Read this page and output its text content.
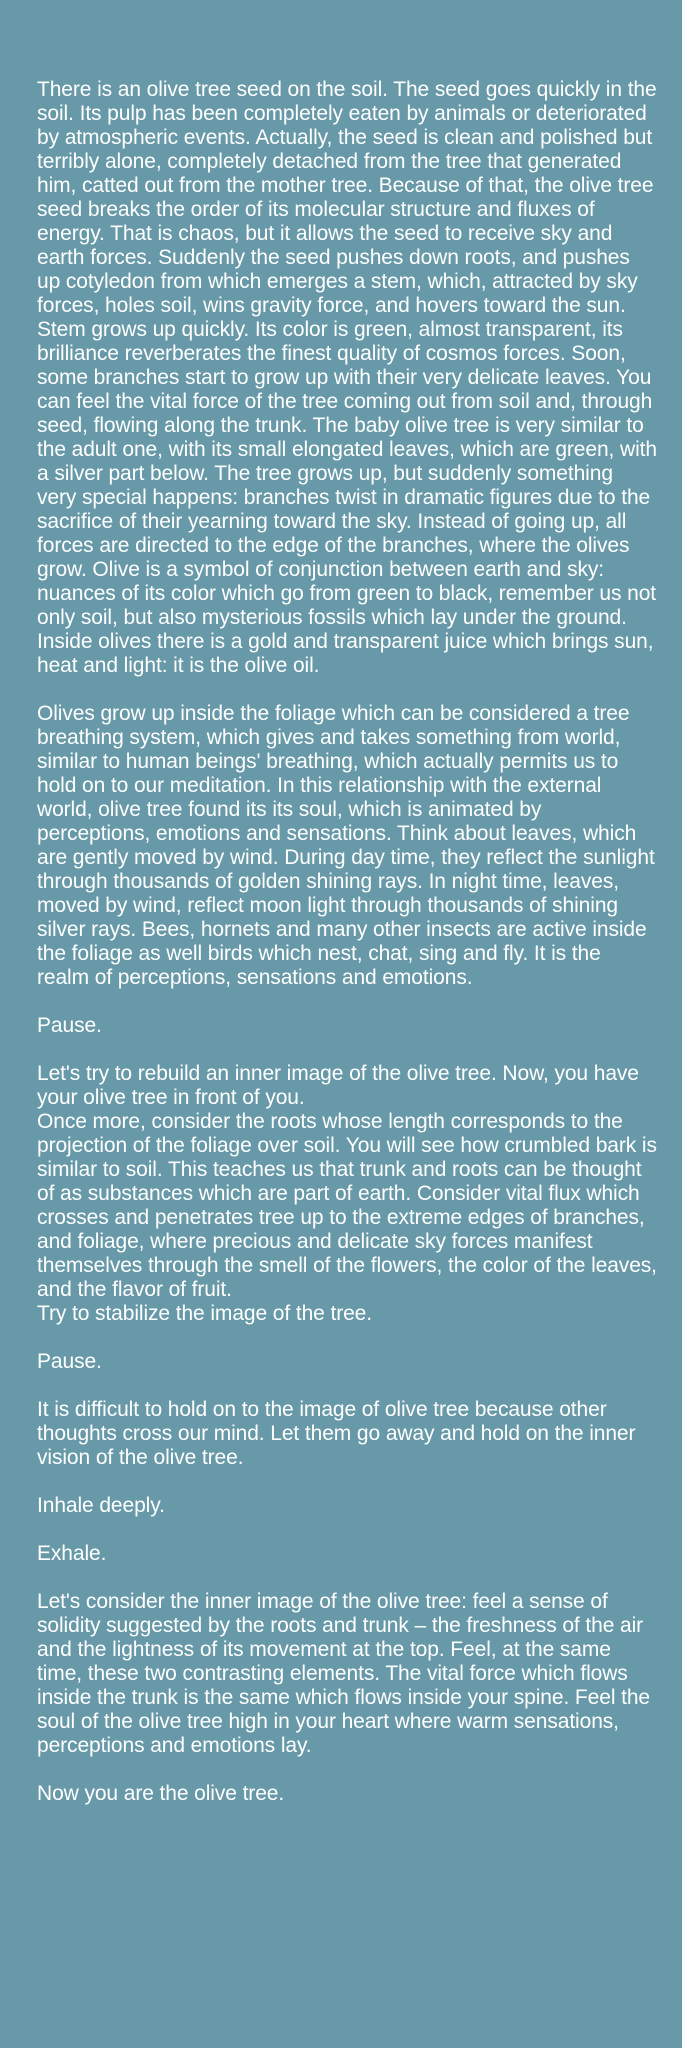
There is an olive tree seed on the soil. The seed goes quickly in the soil. Its pulp has been completely eaten by animals or deteriorated by atmospheric events. Actually, the seed is clean and polished but terribly alone, completely detached from the tree that generated him, catted out from the mother tree. Because of that, the olive tree seed breaks the order of its molecular structure and fluxes of energy. That is chaos, but it allows the seed to receive sky and earth forces. Suddenly the seed pushes down roots, and pushes up cotyledon from which emerges a stem, which, attracted by sky forces, holes soil, wins gravity force, and hovers toward the sun. Stem grows up quickly. Its color is green, almost transparent, its brilliance reverberates the finest quality of cosmos forces. Soon, some branches start to grow up with their very delicate leaves. You can feel the vital force of the tree coming out from soil and, through seed, flowing along the trunk. The baby olive tree is very similar to the adult one, with its small elongated leaves, which are green, with a silver part below. The tree grows up, but suddenly something very special happens: branches twist in dramatic figures due to the sacrifice of their yearning toward the sky. Instead of going up, all forces are directed to the edge of the branches, where the olives grow. Olive is a symbol of conjunction between earth and sky: nuances of its color which go from green to black, remember us not only soil, but also mysterious fossils which lay under the ground. Inside olives there is a gold and transparent juice which brings sun, heat and light: it is the olive oil.

Olives grow up inside the foliage which can be considered a tree breathing system, which gives and takes something from world, similar to human beings' breathing, which actually permits us to hold on to our meditation. In this relationship with the external world, olive tree found its its soul, which is animated by perceptions, emotions and sensations. Think about leaves, which are gently moved by wind. During day time, they reflect the sunlight through thousands of golden shining rays. In night time, leaves, moved by wind, reflect moon light through thousands of shining silver rays. Bees, hornets and many other insects are active inside the foliage as well birds which nest, chat, sing and fly. It is the realm of perceptions, sensations and emotions.

Pause.

Let's try to rebuild an inner image of the olive tree. Now, you have your olive tree in front of you.
Once more, consider the roots whose length corresponds to the projection of the foliage over soil. You will see how crumbled bark is similar to soil. This teaches us that trunk and roots can be thought of as substances which are part of earth. Consider vital flux which crosses and penetrates tree up to the extreme edges of branches, and foliage, where precious and delicate sky forces manifest themselves through the smell of the flowers, the color of the leaves, and the flavor of fruit.
Try to stabilize the image of the tree.

Pause.

It is difficult to hold on to the image of olive tree because other thoughts cross our mind. Let them go away and hold on the inner vision of the olive tree.

Inhale deeply.

Exhale.

Let's consider the inner image of the olive tree: feel a sense of solidity suggested by the roots and trunk – the freshness of the air and the lightness of its movement at the top. Feel, at the same time, these two contrasting elements. The vital force which flows inside the trunk is the same which flows inside your spine. Feel the soul of the olive tree high in your heart where warm sensations, perceptions and emotions lay.

Now you are the olive tree.
